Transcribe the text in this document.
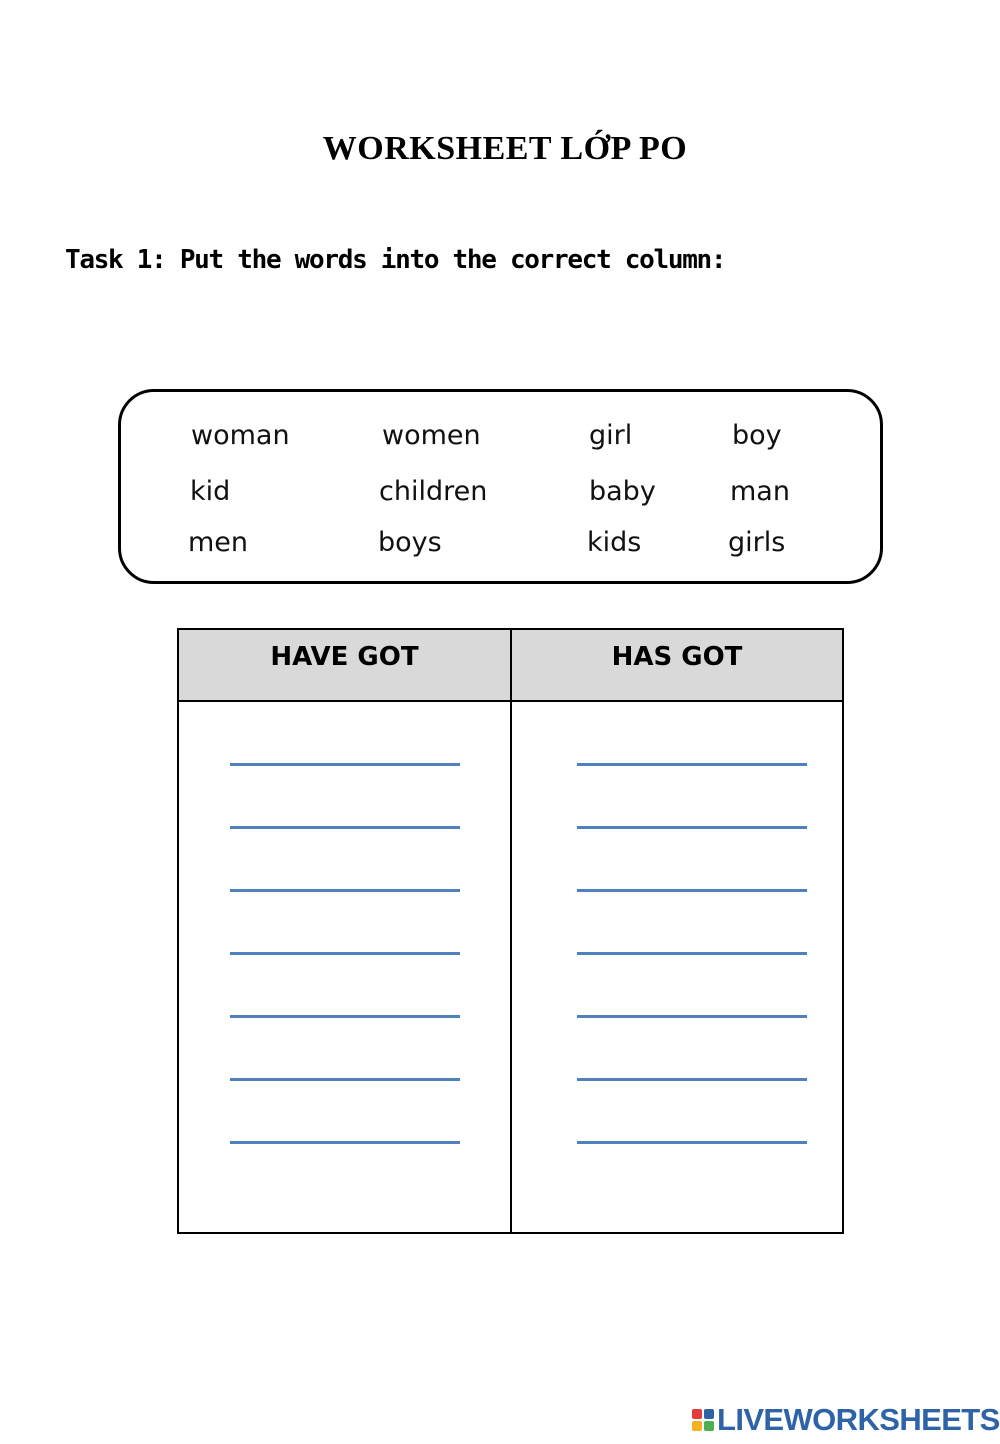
WORKSHEET LỚP PO
Task 1: Put the words into the correct column:
woman	women	girl	boy
kid	children	baby	man
men	boys	kids	girls
HAVE GOT	HAS GOT
LIVEWORKSHEETS
